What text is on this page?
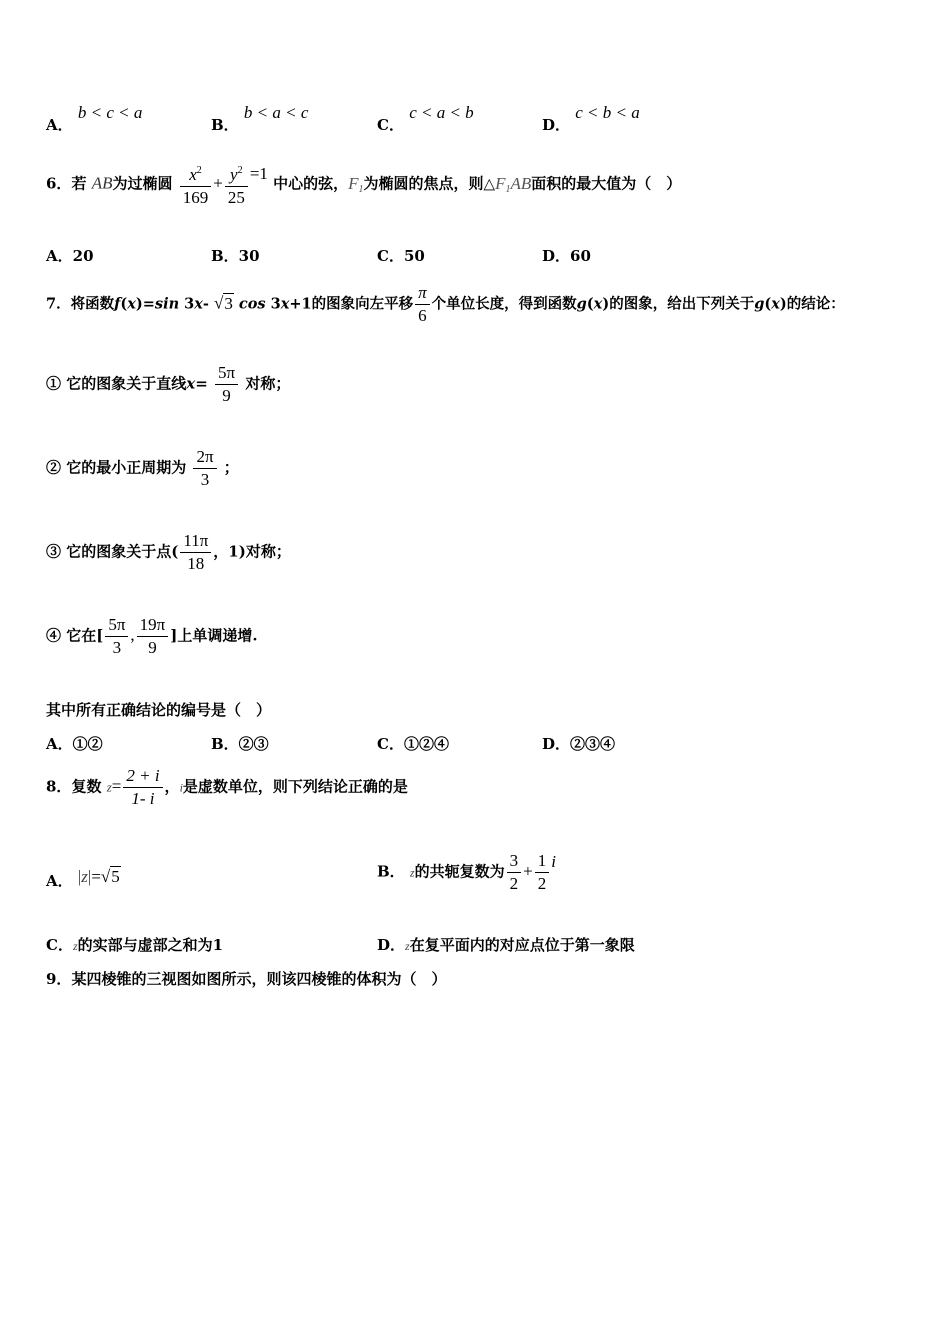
A． b < c < a
B． b < a < c
C． c < a < b
D． c < b < a
6．若 AB为过椭圆 $\frac{x^2}{169} + \frac{y^2}{25} =1$ 中心的弦，$F_1$为椭圆的焦点，则$\triangle F_1AB$面积的最大值为（　）
A．20	B．30	C．50	D．60
7．将函数f(x)=sin 3x- √3 cos 3x+1的图象向左平移 $\frac{\pi}{6}$ 个单位长度，得到函数g(x)的图象，给出下列关于g(x)的结论：
① 它的图象关于直线$x= \frac{5\pi}{9}$ 对称；
② 它的最小正周期为 $\frac{2\pi}{3}$ ；
③ 它的图象关于点( $\frac{11\pi}{18}$ ，1)对称；
④ 它在[ $\frac{5\pi}{3}$ , $\frac{19\pi}{9}$ ]上单调递增.
其中所有正确结论的编号是（　）
A．①②	B．②③	C．①②④	D．②③④
8．复数 $z= \frac{2 + i}{1- i}$ ，i是虚数单位，则下列结论正确的是
A． |z|=√5	B． z的共轭复数为 $\frac{3}{2} + \frac{1}{2}$ i
C．z的实部与虚部之和为1	D．z在复平面内的对应点位于第一象限
9．某四棱锥的三视图如图所示，则该四棱锥的体积为（　）
